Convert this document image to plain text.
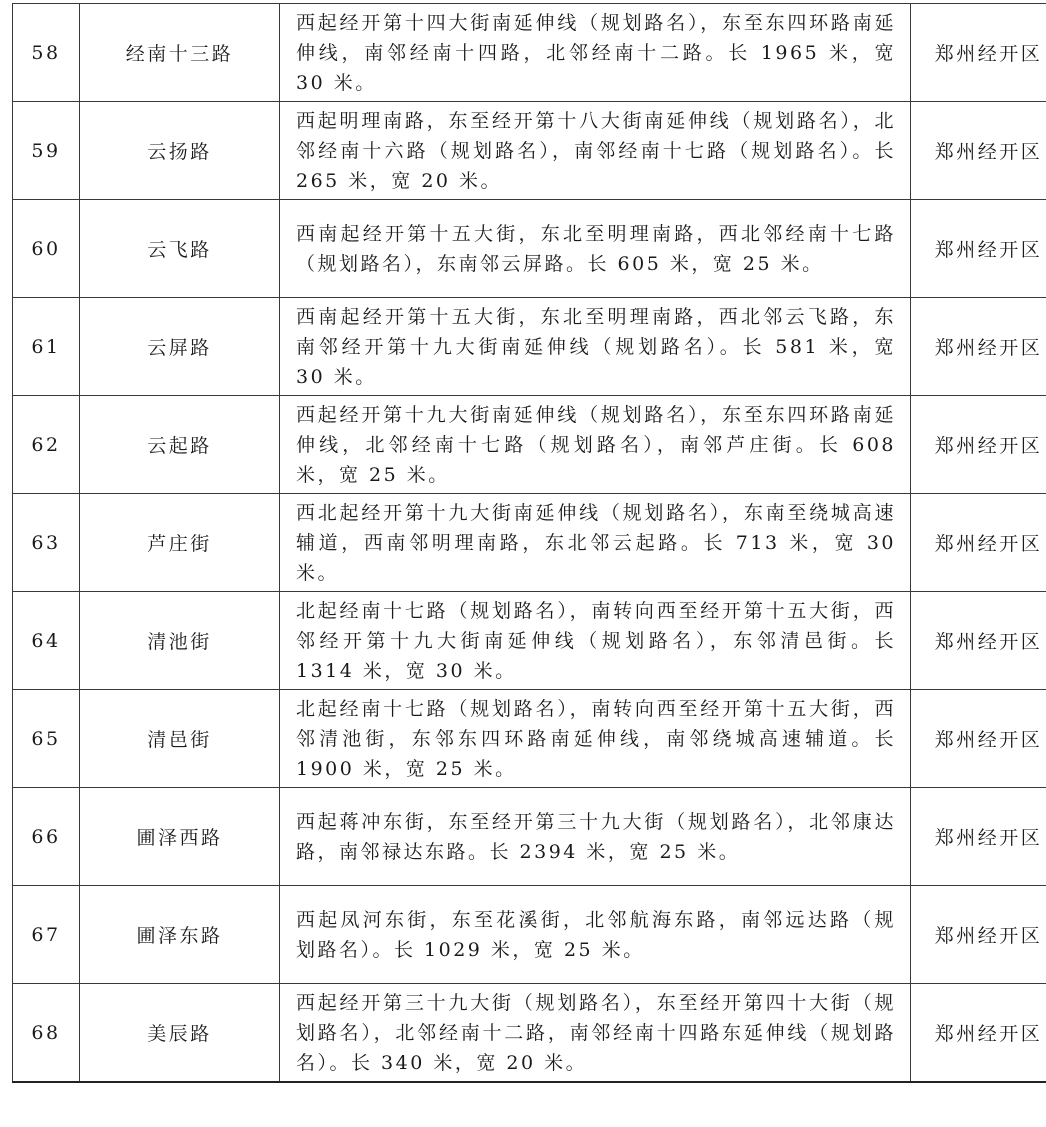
58	经南十三路	西起经开第十四大街南延伸线（规划路名），东至东四环路南延伸线，南邻经南十四路，北邻经南十二路。长 1965 米，宽 30 米。	郑州经开区
59	云扬路	西起明理南路，东至经开第十八大街南延伸线（规划路名），北邻经南十六路（规划路名），南邻经南十七路（规划路名）。长 265 米，宽 20 米。	郑州经开区
60	云飞路	西南起经开第十五大街，东北至明理南路，西北邻经南十七路（规划路名），东南邻云屏路。长 605 米，宽 25 米。	郑州经开区
61	云屏路	西南起经开第十五大街，东北至明理南路，西北邻云飞路，东南邻经开第十九大街南延伸线（规划路名）。长 581 米，宽 30 米。	郑州经开区
62	云起路	西起经开第十九大街南延伸线（规划路名），东至东四环路南延伸线，北邻经南十七路（规划路名），南邻芦庄街。长 608 米，宽 25 米。	郑州经开区
63	芦庄街	西北起经开第十九大街南延伸线（规划路名），东南至绕城高速辅道，西南邻明理南路，东北邻云起路。长 713 米，宽 30 米。	郑州经开区
64	清池街	北起经南十七路（规划路名），南转向西至经开第十五大街，西邻经开第十九大街南延伸线（规划路名），东邻清邑街。长 1314 米，宽 30 米。	郑州经开区
65	清邑街	北起经南十七路（规划路名），南转向西至经开第十五大街，西邻清池街，东邻东四环路南延伸线，南邻绕城高速辅道。长 1900 米，宽 25 米。	郑州经开区
66	圃泽西路	西起蒋冲东街，东至经开第三十九大街（规划路名），北邻康达路，南邻禄达东路。长 2394 米，宽 25 米。	郑州经开区
67	圃泽东路	西起凤河东街，东至花溪街，北邻航海东路，南邻远达路（规划路名）。长 1029 米，宽 25 米。	郑州经开区
68	美辰路	西起经开第三十九大街（规划路名），东至经开第四十大街（规划路名），北邻经南十二路，南邻经南十四路东延伸线（规划路名）。长 340 米，宽 20 米。	郑州经开区
